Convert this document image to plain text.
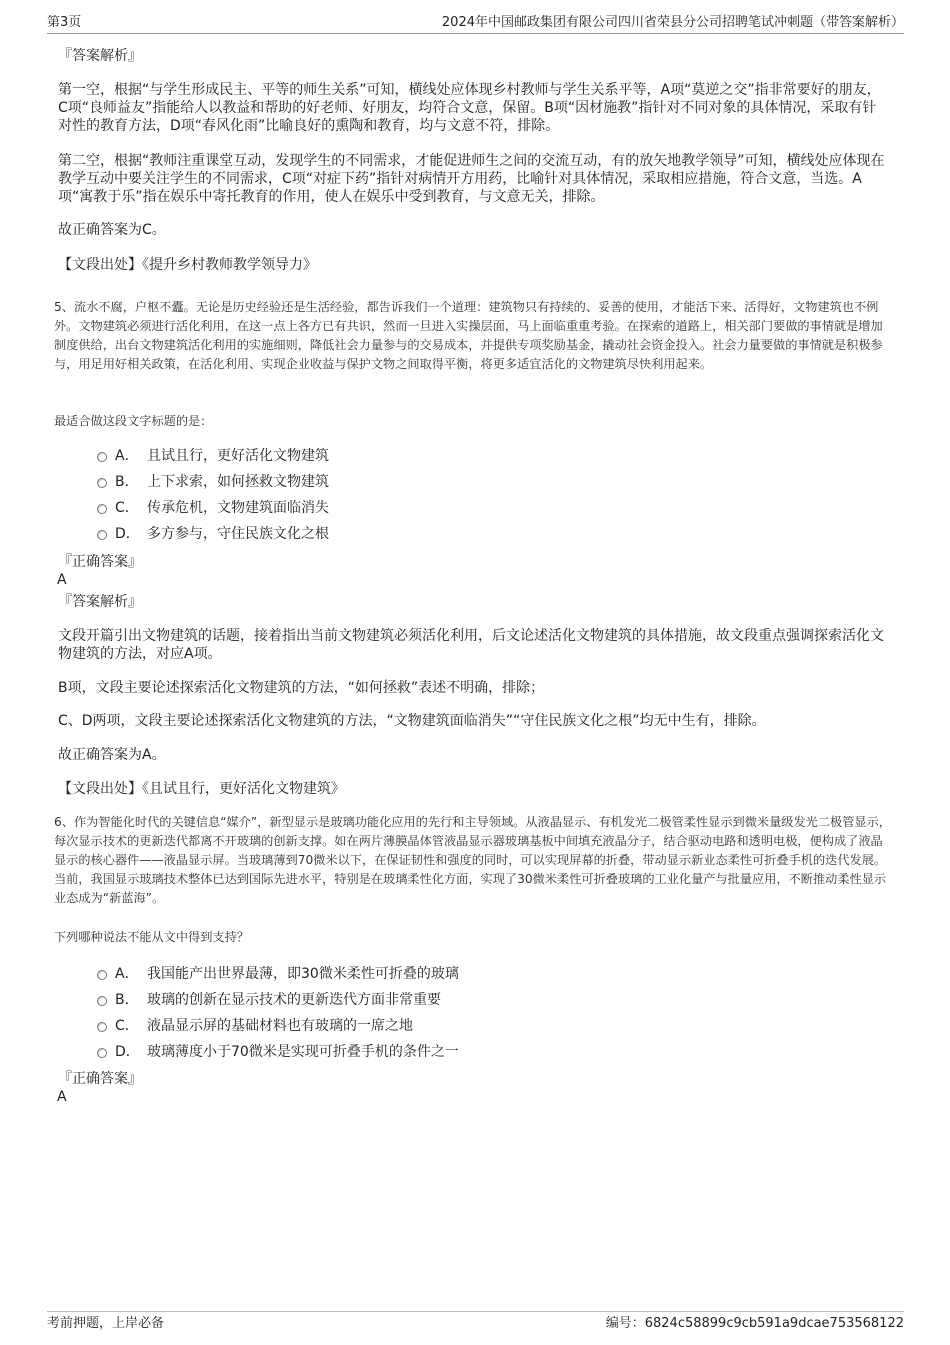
第3页	2024年中国邮政集团有限公司四川省荣县分公司招聘笔试冲刺题（带答案解析）

『答案解析』

第一空，根据“与学生形成民主、平等的师生关系”可知，横线处应体现乡村教师与学生关系平等，A项“莫逆之交”指非常要好的朋友，C项“良师益友”指能给人以教益和帮助的好老师、好朋友，均符合文意，保留。B项“因材施教”指针对不同对象的具体情况，采取有针对性的教育方法，D项“春风化雨”比喻良好的熏陶和教育，均与文意不符，排除。

第二空，根据“教师注重课堂互动，发现学生的不同需求，才能促进师生之间的交流互动，有的放矢地教学领导”可知，横线处应体现在教学互动中要关注学生的不同需求，C项“对症下药”指针对病情开方用药，比喻针对具体情况，采取相应措施，符合文意，当选。A项“寓教于乐”指在娱乐中寄托教育的作用，使人在娱乐中受到教育，与文意无关，排除。

故正确答案为C。

【文段出处】《提升乡村教师教学领导力》

5、流水不腐，户枢不蠹。无论是历史经验还是生活经验，都告诉我们一个道理：建筑物只有持续的、妥善的使用，才能活下来、活得好，文物建筑也不例外。文物建筑必须进行活化利用，在这一点上各方已有共识，然而一旦进入实操层面，马上面临重重考验。在探索的道路上，相关部门要做的事情就是增加制度供给，出台文物建筑活化利用的实施细则，降低社会力量参与的交易成本，并提供专项奖励基金，撬动社会资金投入。社会力量要做的事情就是积极参与，用足用好相关政策，在活化利用、实现企业收益与保护文物之间取得平衡，将更多适宜活化的文物建筑尽快利用起来。

最适合做这段文字标题的是：

A． 且试且行，更好活化文物建筑
B． 上下求索，如何拯救文物建筑
C． 传承危机，文物建筑面临消失
D． 多方参与，守住民族文化之根

『正确答案』

A

『答案解析』

文段开篇引出文物建筑的话题，接着指出当前文物建筑必须活化利用，后文论述活化文物建筑的具体措施，故文段重点强调探索活化文物建筑的方法，对应A项。

B项，文段主要论述探索活化文物建筑的方法，“如何拯救”表述不明确，排除；

C、D两项，文段主要论述探索活化文物建筑的方法，“文物建筑面临消失”“守住民族文化之根”均无中生有，排除。

故正确答案为A。

【文段出处】《且试且行，更好活化文物建筑》

6、作为智能化时代的关键信息“媒介”，新型显示是玻璃功能化应用的先行和主导领域。从液晶显示、有机发光二极管柔性显示到微米量级发光二极管显示，每次显示技术的更新迭代都离不开玻璃的创新支撑。如在两片薄膜晶体管液晶显示器玻璃基板中间填充液晶分子，结合驱动电路和透明电极，便构成了液晶显示的核心器件——液晶显示屏。当玻璃薄到70微米以下，在保证韧性和强度的同时，可以实现屏幕的折叠，带动显示新业态柔性可折叠手机的迭代发展。当前，我国显示玻璃技术整体已达到国际先进水平，特别是在玻璃柔性化方面，实现了30微米柔性可折叠玻璃的工业化量产与批量应用，不断推动柔性显示业态成为“新蓝海”。

下列哪种说法不能从文中得到支持？

A． 我国能产出世界最薄，即30微米柔性可折叠的玻璃
B． 玻璃的创新在显示技术的更新迭代方面非常重要
C． 液晶显示屏的基础材料也有玻璃的一席之地
D． 玻璃薄度小于70微米是实现可折叠手机的条件之一

『正确答案』

A

考前押题，上岸必备	编号：6824c58899c9cb591a9dcae753568122
